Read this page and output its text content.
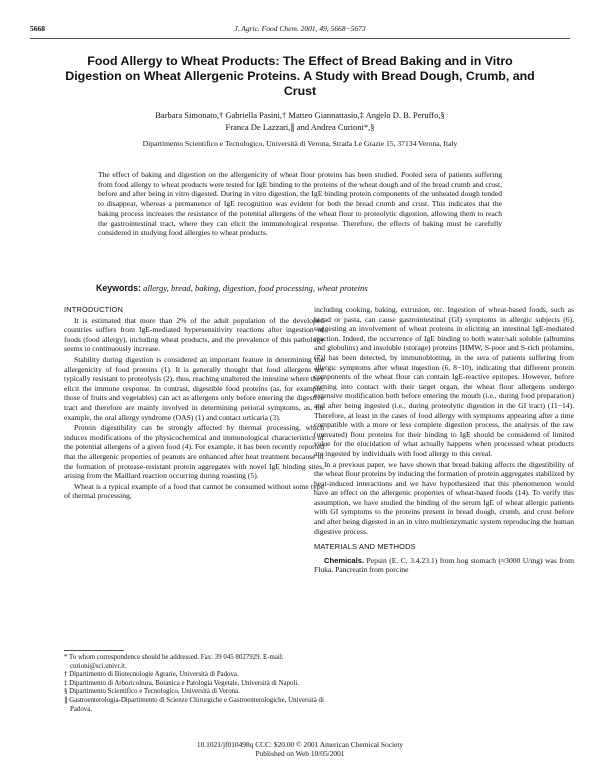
5668	J. Agric. Food Chem. 2001, 49, 5668−5673
Food Allergy to Wheat Products: The Effect of Bread Baking and in Vitro Digestion on Wheat Allergenic Proteins. A Study with Bread Dough, Crumb, and Crust
Barbara Simonato,† Gabriella Pasini,† Matteo Giannattasio,‡ Angelo D. B. Peruffo,§
Franca De Lazzari,∥ and Andrea Curioni*,§
Dipartimento Scientifico e Tecnologico, Università di Verona, Strada Le Grazie 15, 37134 Verona, Italy
The effect of baking and digestion on the allergenicity of wheat flour proteins has been studied. Pooled sera of patients suffering from food allergy to wheat products were tested for IgE binding to the proteins of the wheat dough and of the bread crumb and crust, before and after being in vitro digested. During in vitro digestion, the IgE binding protein components of the unheated dough tended to disappear, whereas a permanence of IgE recognition was evident for both the bread crumb and crust. This indicates that the baking process increases the resistance of the potential allergens of the wheat flour to proteolytic digestion, allowing them to reach the gastrointestinal tract, where they can elicit the immunological response. Therefore, the effects of baking must be carefully considered in studying food allergies to wheat products.
Keywords: allergy, bread, baking, digestion, food processing, wheat proteins

INTRODUCTION

It is estimated that more than 2% of the adult population of the developed countries suffers from IgE-mediated hypersensitivity reactions after ingestion of foods (food allergy), including wheat products, and the prevalence of this pathology seems to continuously increase.

Stability during digestion is considered an important feature in determining the allergenicity of food proteins (1). It is generally thought that food allergens are typically resistant to proteolysis (2), thus, reaching unaltered the intestine where they elicit the immune response. In contrast, digestible food proteins (as, for example, those of fruits and vegetables) can act as allergens only before entering the digestive tract and therefore are mainly involved in determining perioral symptoms, as, for example, the oral allergy syndrome (OAS) (1) and contact urticaria (3).

Protein digestibility can be strongly affected by thermal processing, which induces modifications of the physicochemical and immunological characteristics of the potential allergens of a given food (4). For example, it has been recently reported that the allergenic properties of peanuts are enhanced after heat treatment because of the formation of protease-resistant protein aggregates with novel IgE binding sites, arising from the Maillard reaction occurring during roasting (5).

Wheat is a typical example of a food that cannot be consumed without some type of thermal processing,

* To whom correspondence should be addressed. Fax: 39 045 8027929. E-mail: curioni@sci.univr.it.
† Dipartimento di Biotecnologie Agrarie, Università di Padova.
‡ Dipartimento di Arboricoltura, Botanica e Patologia Vegetale, Università di Napoli.
§ Dipartimento Scientifico e Tecnologico, Università di Verona.
∥ Gastroenterologia-Dipartimento di Scienze Chirurgiche e Gastroenterologiche, Università di Padova.

including cooking, baking, extrusion, etc. Ingestion of wheat-based foods, such as bread or pasta, can cause gastrointestinal (GI) symptoms in allergic subjects (6), suggesting an involvement of wheat proteins in eliciting an intestinal IgE-mediated reaction. Indeed, the occurrence of IgE binding to both water/salt soluble (albumins and globulins) and insoluble (storage) proteins [HMW, S-poor and S-rich prolamins, (7)] has been detected, by immunoblotting, in the sera of patients suffering from allergic symptoms after wheat ingestion (6, 8−10), indicating that different protein components of the wheat flour can contain IgE-reactive epitopes. However, before coming into contact with their target organ, the wheat flour allergens undergo extensive modification both before entering the mouth (i.e., during food preparation) and after being ingested (i.e., during proteolytic digestion in the GI tract) (11−14). Therefore, at least in the cases of food allergy with symptoms appearing after a time compatible with a more or less complete digestion process, the analysis of the raw (untreated) flour proteins for their binding to IgE should be considered of limited value for the elucidation of what actually happens when processed wheat products are ingested by individuals with food allergy to this cereal.

In a previous paper, we have shown that bread baking affects the digestibility of the wheat flour proteins by inducing the formation of protein aggregates stabilized by heat-induced interactions and we have hypothesized that this phenomenon would have an effect on the allergenic properties of wheat-based foods (14). To verify this assumption, we have studied the binding of the serum IgE of wheat allergic patients with GI symptoms to the proteins present in bread dough, crumb, and crust before and after being digested in an in vitro multienzymatic system reproducing the human digestive process.

MATERIALS AND METHODS

Chemicals. Pepsin (E. C. 3.4.23.1) from hog stomach (≈3000 U/mg) was from Fluka. Pancreatin from porcine

10.1021/jf010498q CCC: $20.00 © 2001 American Chemical Society
Published on Web 10/05/2001
